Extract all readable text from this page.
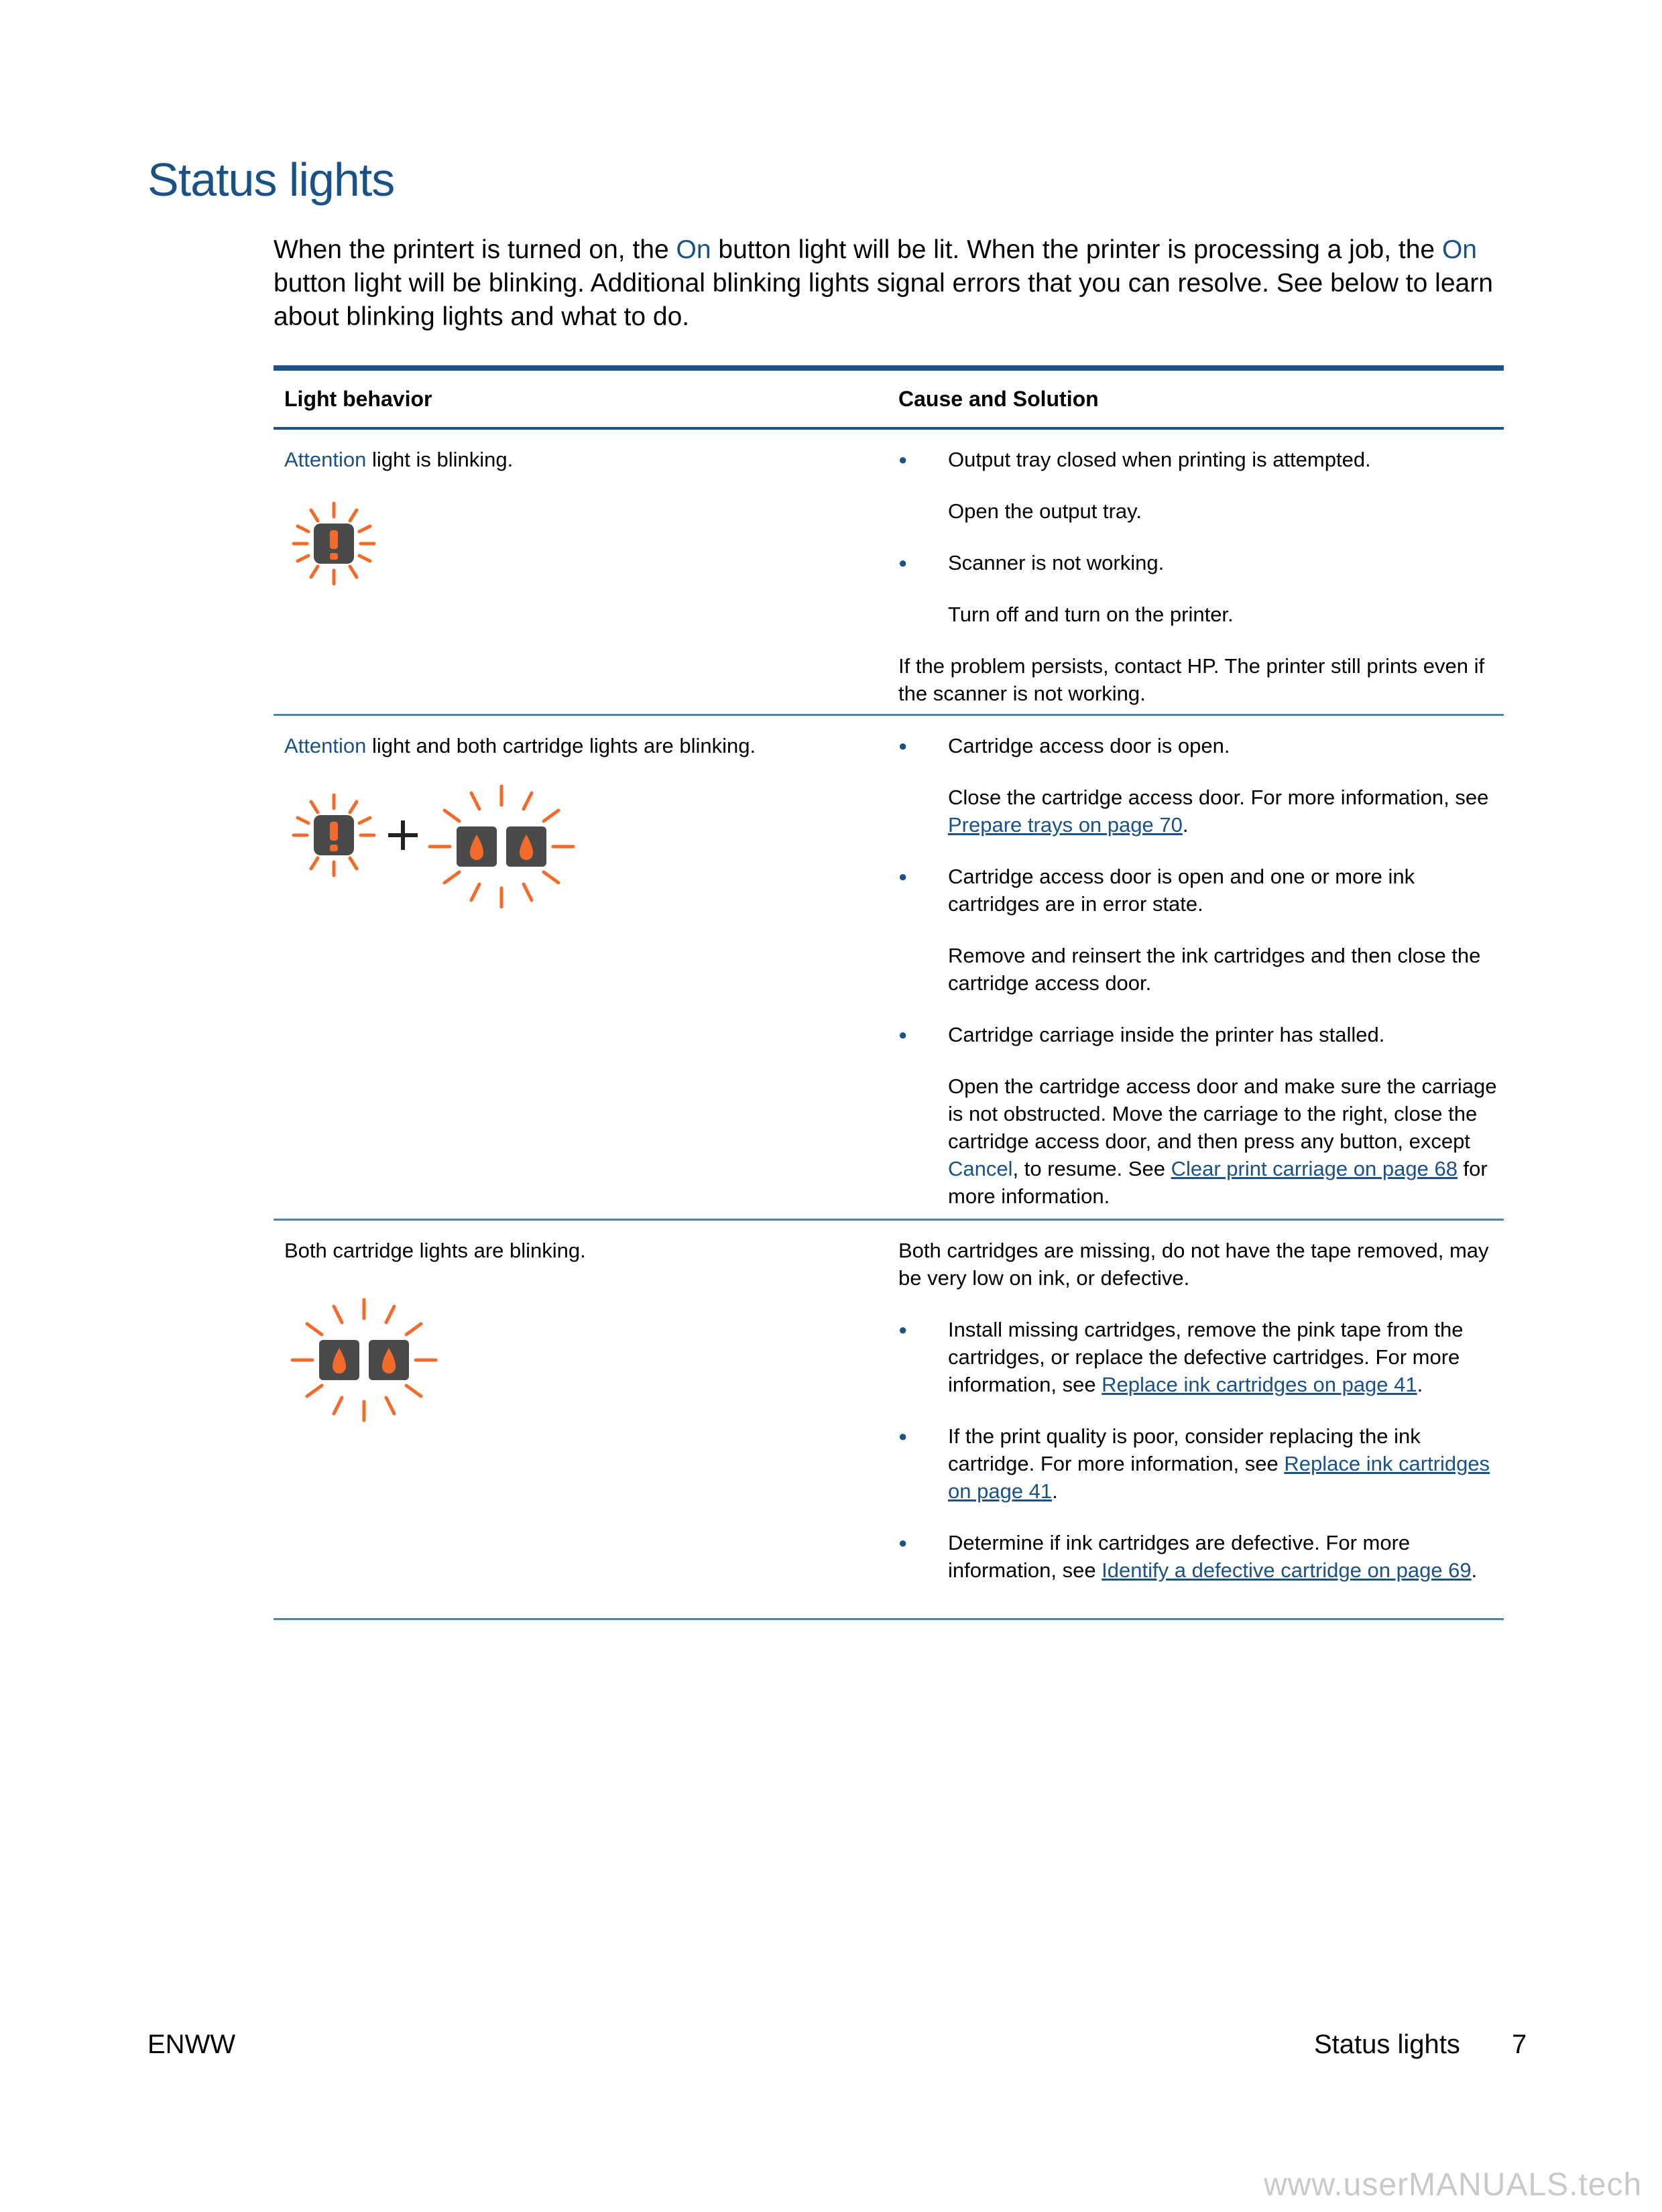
Status lights

When the printert is turned on, the On button light will be lit. When the printer is processing a job, the On button light will be blinking. Additional blinking lights signal errors that you can resolve. See below to learn about blinking lights and what to do.

Light behavior	Cause and Solution
Attention light is blinking.	● Output tray closed when printing is attempted.
Open the output tray.
● Scanner is not working.
Turn off and turn on the printer.
If the problem persists, contact HP. The printer still prints even if the scanner is not working.
Attention light and both cartridge lights are blinking.	● Cartridge access door is open.
Close the cartridge access door. For more information, see Prepare trays on page 70.
● Cartridge access door is open and one or more ink cartridges are in error state.
Remove and reinsert the ink cartridges and then close the cartridge access door.
● Cartridge carriage inside the printer has stalled.
Open the cartridge access door and make sure the carriage is not obstructed. Move the carriage to the right, close the cartridge access door, and then press any button, except Cancel, to resume. See Clear print carriage on page 68 for more information.
Both cartridge lights are blinking.	Both cartridges are missing, do not have the tape removed, may be very low on ink, or defective.
● Install missing cartridges, remove the pink tape from the cartridges, or replace the defective cartridges. For more information, see Replace ink cartridges on page 41.
● If the print quality is poor, consider replacing the ink cartridge. For more information, see Replace ink cartridges on page 41.
● Determine if ink cartridges are defective. For more information, see Identify a defective cartridge on page 69.
ENWW	Status lights 7
www.userMANUALS.tech
